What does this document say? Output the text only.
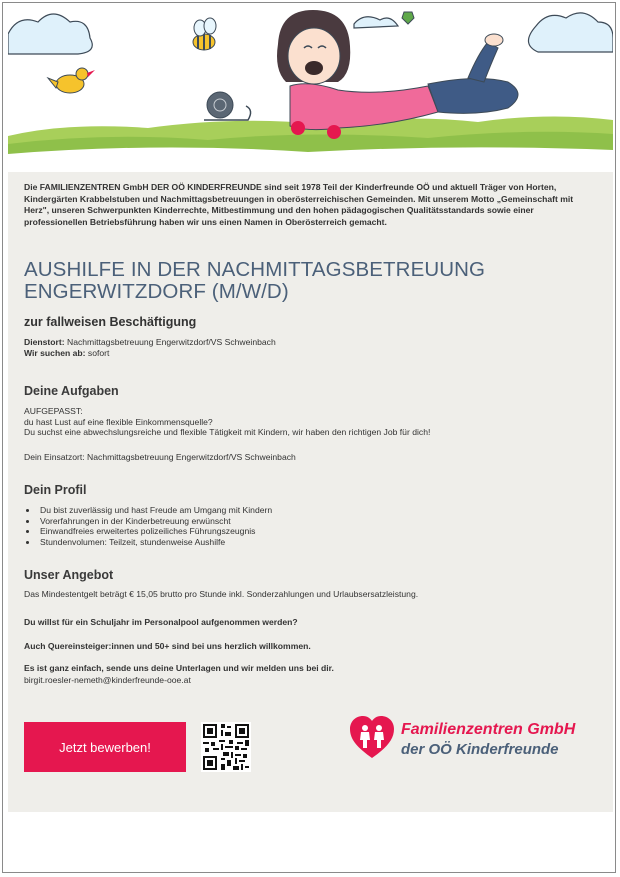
Die FAMILIENZENTREN GmbH DER OÖ KINDERFREUNDE sind seit 1978 Teil der Kinderfreunde OÖ und aktuell Träger von Horten, Kindergärten Krabbelstuben und Nachmittagsbetreuungen in oberösterreichischen Gemeinden. Mit unserem Motto „Gemeinschaft mit Herz", unseren Schwerpunkten Kinderrechte, Mitbestimmung und den hohen pädagogischen Qualitätsstandards sowie einer professionellen Betriebsführung haben wir uns einen Namen in Oberösterreich gemacht.
AUSHILFE IN DER NACHMITTAGSBETREUUNG
ENGERWITZDORF (M/W/D)
zur fallweisen Beschäftigung
Dienstort: Nachmittagsbetreuung Engerwitzdorf/VS Schweinbach
Wir suchen ab: sofort
Deine Aufgaben
AUFGEPASST:
du hast Lust auf eine flexible Einkommensquelle?
Du suchst eine abwechslungsreiche und flexible Tätigkeit mit Kindern, wir haben den richtigen Job für dich!
Dein Einsatzort: Nachmittagsbetreuung Engerwitzdorf/VS Schweinbach
Dein Profil
• Du bist zuverlässig und hast Freude am Umgang mit Kindern
• Vorerfahrungen in der Kinderbetreuung erwünscht
• Einwandfreies erweitertes polizeiliches Führungszeugnis
• Stundenvolumen: Teilzeit, stundenweise Aushilfe
Unser Angebot
Das Mindestentgelt beträgt € 15,05 brutto pro Stunde inkl. Sonderzahlungen und Urlaubsersatzleistung.
Du willst für ein Schuljahr im Personalpool aufgenommen werden?
Auch Quereinsteiger:innen und 50+ sind bei uns herzlich willkommen.
Es ist ganz einfach, sende uns deine Unterlagen und wir melden uns bei dir.
birgit.roesler-nemeth@kinderfreunde-ooe.at
Jetzt bewerben!
Familienzentren GmbH
der OÖ Kinderfreunde
